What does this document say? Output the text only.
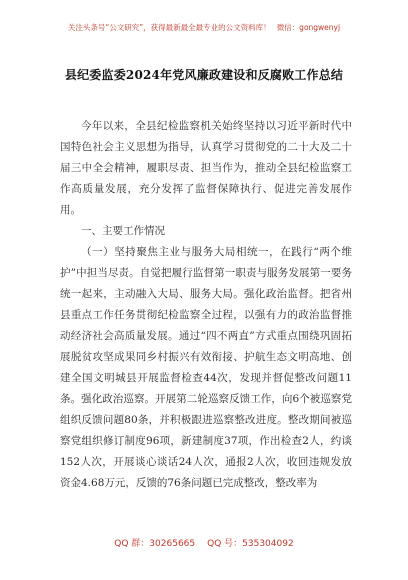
关注头条号“公文研究”，获得最新最全最专业的公文资料库！ 微信：gongwenyj
县纪委监委2024年党风廉政建设和反腐败工作总结

今年以来，全县纪检监察机关始终坚持以习近平新时代中国特色社会主义思想为指导，认真学习贯彻党的二十大及二十届三中全会精神，履职尽责、担当作为，推动全县纪检监察工作高质量发展，充分发挥了监督保障执行、促进完善发展作用。

一、主要工作情况

（一）坚持聚焦主业与服务大局相统一，在践行“两个维护”中担当尽责。自觉把履行监督第一职责与服务发展第一要务统一起来，主动融入大局、服务大局。强化政治监督。把省州县重点工作任务贯彻纪检监察全过程，以强有力的政治监督推动经济社会高质量发展。通过“四不两直”方式重点围绕巩固拓展脱贫攻坚成果同乡村振兴有效衔接、护航生态文明高地、创建全国文明城县开展监督检查44次，发现并督促整改问题11条。强化政治巡察。开展第二轮巡察反馈工作，向6个被巡察党组织反馈问题80条，并积极跟进巡察整改进度。整改期间被巡察党组织修订制度96项，新建制度37项，作出检查2人，约谈152人次，开展谈心谈话24人次，通报2人次，收回违规发放资金4.68万元，反馈的76条问题已完成整改，整改率为

QQ 群：30265665 QQ 号：535304092
